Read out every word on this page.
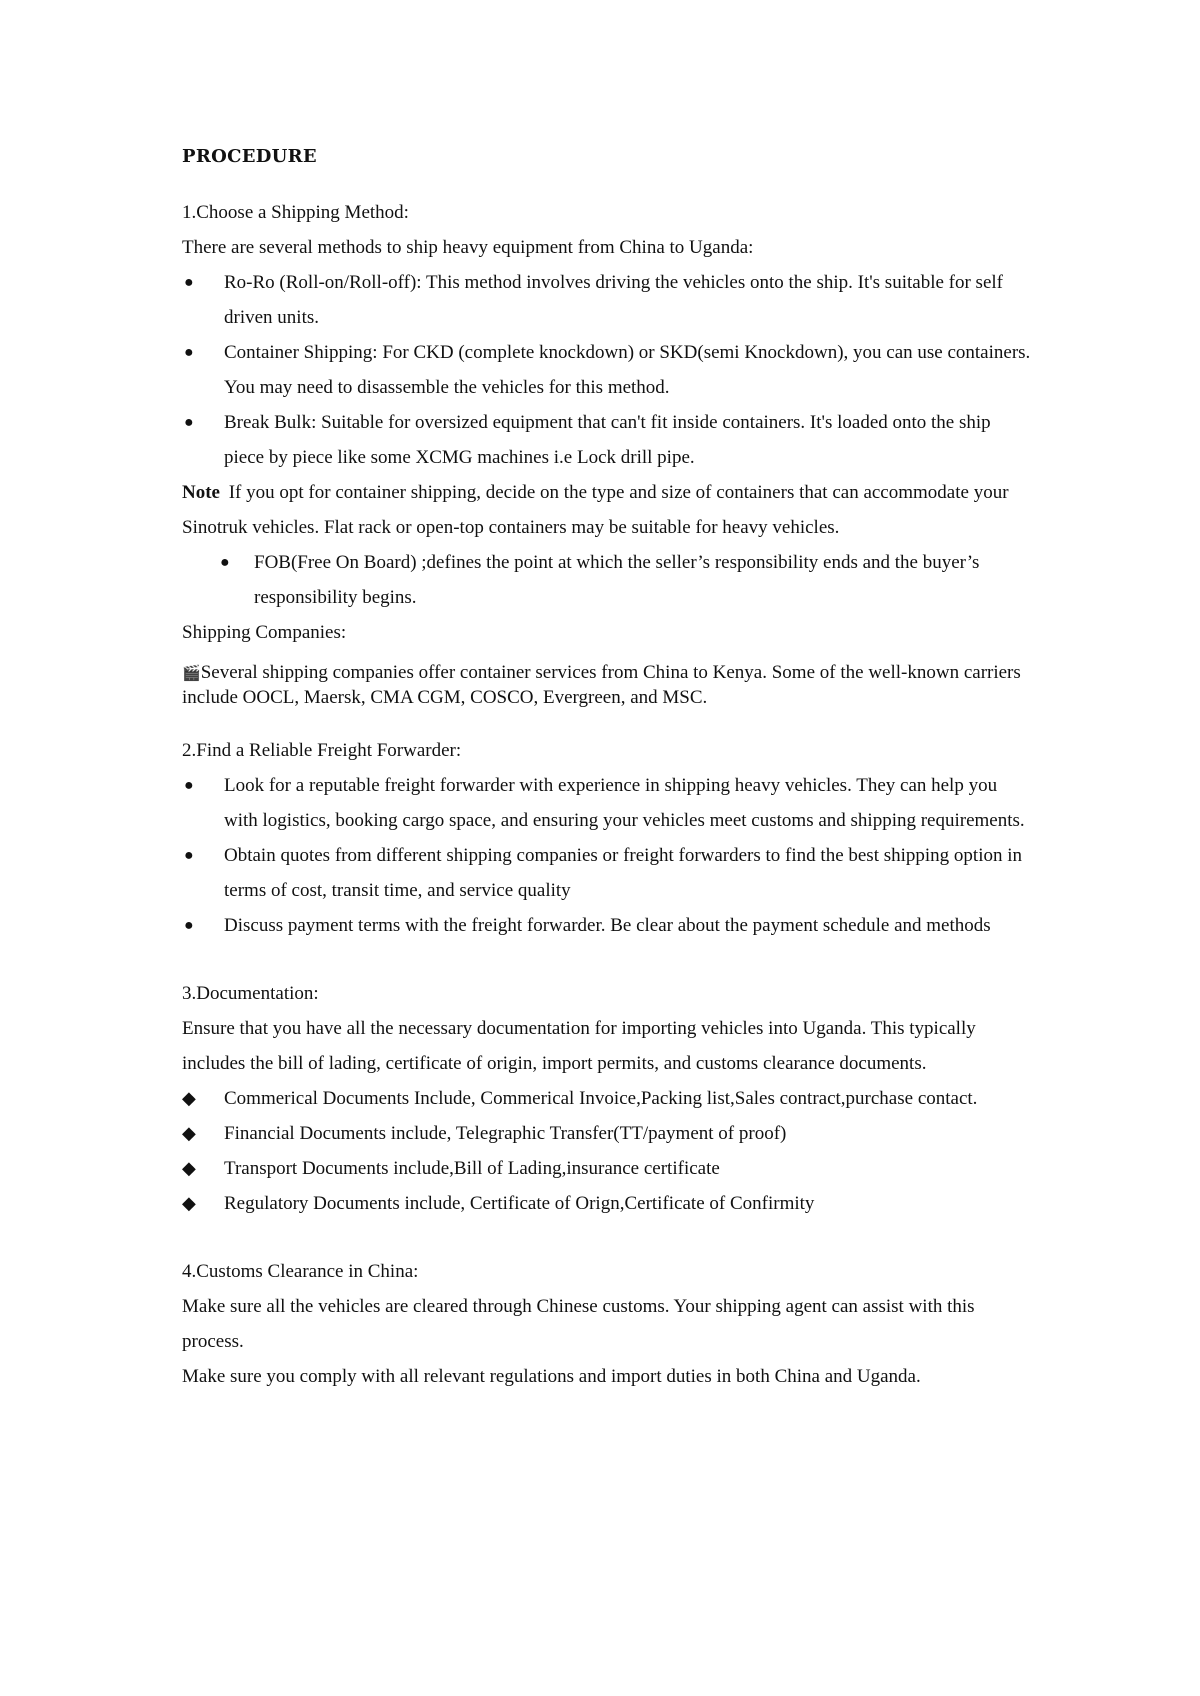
PROCEDURE
1.Choose a Shipping Method:
There are several methods to ship heavy equipment from China to Uganda:
●	Ro-Ro (Roll-on/Roll-off): This method involves driving the vehicles onto the ship. It's suitable for self driven units.
●	Container Shipping: For CKD (complete knockdown) or SKD(semi Knockdown), you can use containers. You may need to disassemble the vehicles for this method.
●	Break Bulk: Suitable for oversized equipment that can't fit inside containers. It's loaded onto the ship piece by piece like some XCMG machines i.e Lock drill pipe.
Note If you opt for container shipping, decide on the type and size of containers that can accommodate your Sinotruk vehicles. Flat rack or open-top containers may be suitable for heavy vehicles.
●	FOB(Free On Board) ;defines the point at which the seller’s responsibility ends and the buyer’s responsibility begins.
Shipping Companies:
🎬Several shipping companies offer container services from China to Kenya. Some of the well-known carriers include OOCL, Maersk, CMA CGM, COSCO, Evergreen, and MSC.
2.Find a Reliable Freight Forwarder:
●	Look for a reputable freight forwarder with experience in shipping heavy vehicles. They can help you with logistics, booking cargo space, and ensuring your vehicles meet customs and shipping requirements.
●	Obtain quotes from different shipping companies or freight forwarders to find the best shipping option in terms of cost, transit time, and service quality
●	Discuss payment terms with the freight forwarder. Be clear about the payment schedule and methods
3.Documentation:
Ensure that you have all the necessary documentation for importing vehicles into Uganda. This typically includes the bill of lading, certificate of origin, import permits, and customs clearance documents.
◆	Commerical Documents Include, Commerical Invoice,Packing list,Sales contract,purchase contact.
◆	Financial Documents include, Telegraphic Transfer(TT/payment of proof)
◆	Transport Documents include,Bill of Lading,insurance certificate
◆	Regulatory Documents include, Certificate of Orign,Certificate of Confirmity
4.Customs Clearance in China:
Make sure all the vehicles are cleared through Chinese customs. Your shipping agent can assist with this process.
Make sure you comply with all relevant regulations and import duties in both China and Uganda.
